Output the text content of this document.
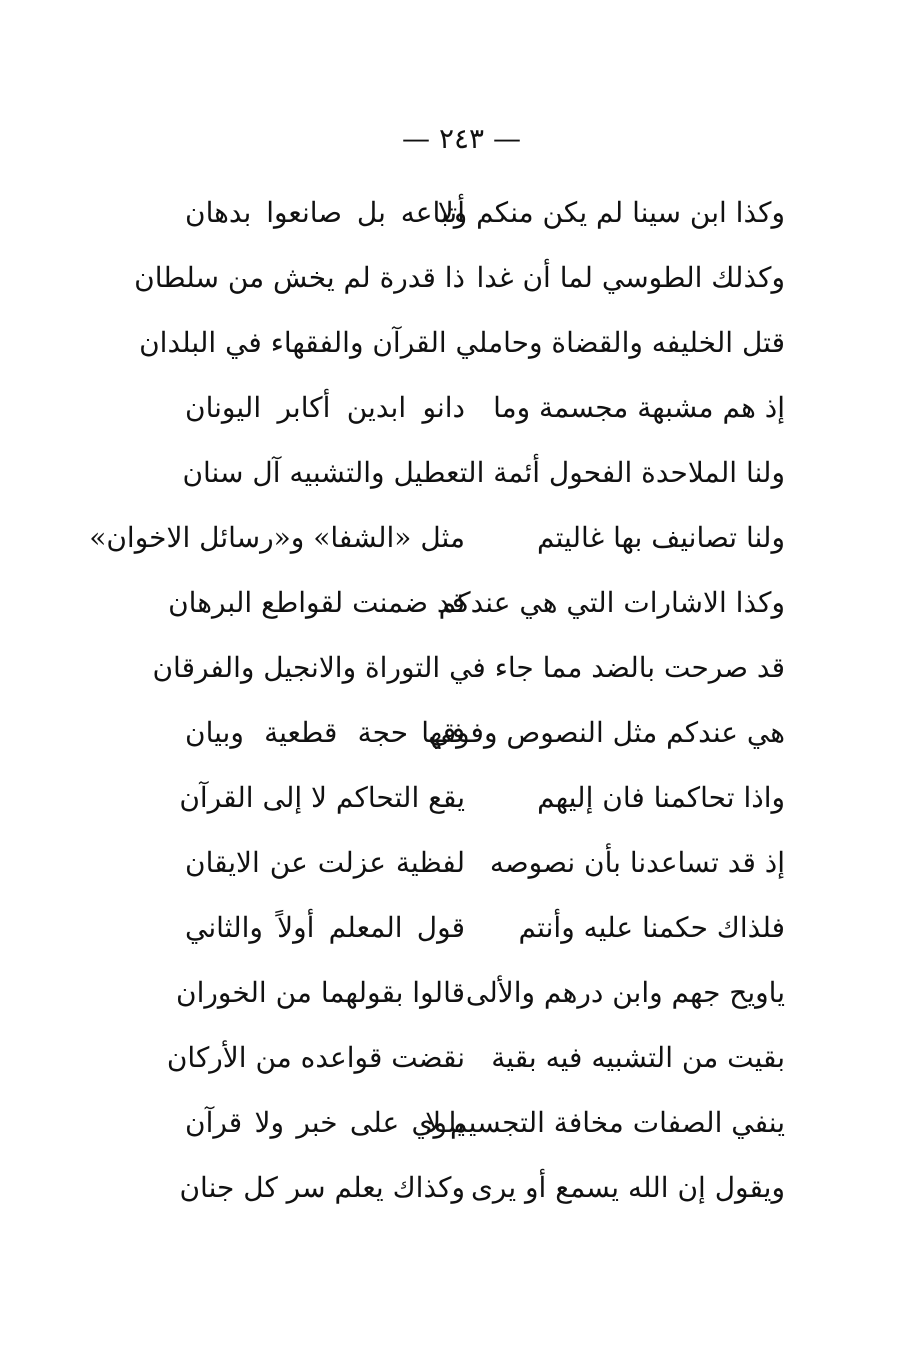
— ٢٤٣ —
وكذا ابن سينا لم يكن منكم ولا
أتباعه بل صانعوا بدهان
وكذلك الطوسي لما أن غدا
ذا قدرة لم يخش من سلطان
قتل الخليفه والقضاة وحاملي القرآن والفقهاء في البلدان
إذ هم مشبهة مجسمة وما
دانو ابدين أكابر اليونان
ولنا الملاحدة الفحول أئمة التعطيل والتشبيه آل سنان
ولنا تصانيف بها غاليتم
مثل «الشفا» و«رسائل الاخوان»
وكذا الاشارات التي هي عندكم
قد ضمنت لقواطع البرهان
قد صرحت بالضد مما جاء في التوراة والانجيل والفرقان
هي عندكم مثل النصوص وفوقها
في حجة قطعية وبيان
واذا تحاكمنا فان إليهم
يقع التحاكم لا إلى القرآن
إذ قد تساعدنا بأن نصوصه
لفظية عزلت عن الايقان
فلذاك حكمنا عليه وأنتم
قول المعلم أولاً والثاني
ياويح جهم وابن درهم والألى
قالوا بقولهما من الخوران
بقيت من التشبيه فيه بقية
نقضت قواعده من الأركان
ينفي الصفات مخافة التجسيم لا
يلوي على خبر ولا قرآن
ويقول إن الله يسمع أو يرى
وكذاك يعلم سر كل جنان
